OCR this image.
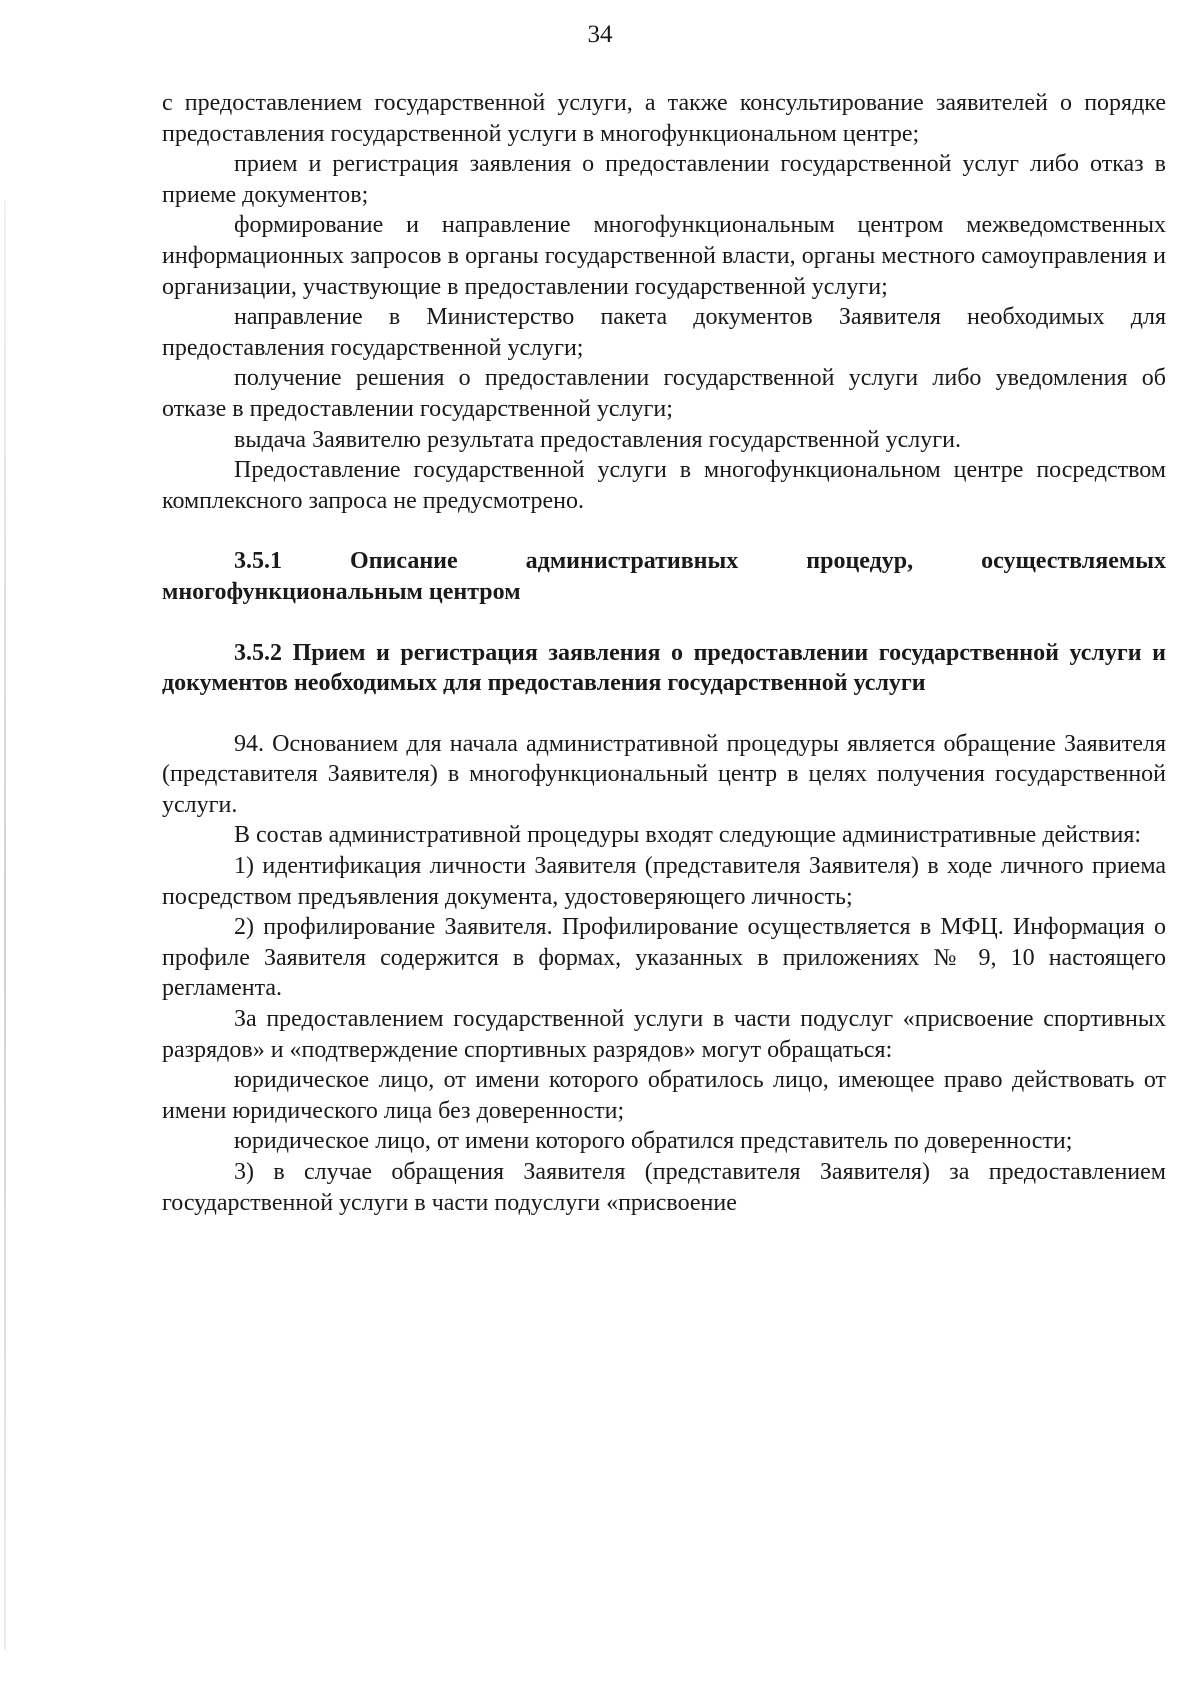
34

с предоставлением государственной услуги, а также консультирование заявителей о порядке предоставления государственной услуги в многофункциональном центре;

прием и регистрация заявления о предоставлении государственной услуг либо отказ в приеме документов;

формирование и направление многофункциональным центром межведомственных информационных запросов в органы государственной власти, органы местного самоуправления и организации, участвующие в предоставлении государственной услуги;

направление в Министерство пакета документов Заявителя необходимых для предоставления государственной услуги;

получение решения о предоставлении государственной услуги либо уведомления об отказе в предоставлении государственной услуги;

выдача Заявителю результата предоставления государственной услуги.

Предоставление государственной услуги в многофункциональном центре посредством комплексного запроса не предусмотрено.

3.5.1 Описание административных процедур, осуществляемых многофункциональным центром

3.5.2 Прием и регистрация заявления о предоставлении государственной услуги и документов необходимых для предоставления государственной услуги

94. Основанием для начала административной процедуры является обращение Заявителя (представителя Заявителя) в многофункциональный центр в целях получения государственной услуги.

В состав административной процедуры входят следующие административные действия:

1) идентификация личности Заявителя (представителя Заявителя) в ходе личного приема посредством предъявления документа, удостоверяющего личность;

2) профилирование Заявителя. Профилирование осуществляется в МФЦ. Информация о профиле Заявителя содержится в формах, указанных в приложениях № 9, 10 настоящего регламента.

За предоставлением государственной услуги в части подуслуг «присвоение спортивных разрядов» и «подтверждение спортивных разрядов» могут обращаться:

юридическое лицо, от имени которого обратилось лицо, имеющее право действовать от имени юридического лица без доверенности;

юридическое лицо, от имени которого обратился представитель по доверенности;

3) в случае обращения Заявителя (представителя Заявителя) за предоставлением государственной услуги в части подуслуги «присвоение
